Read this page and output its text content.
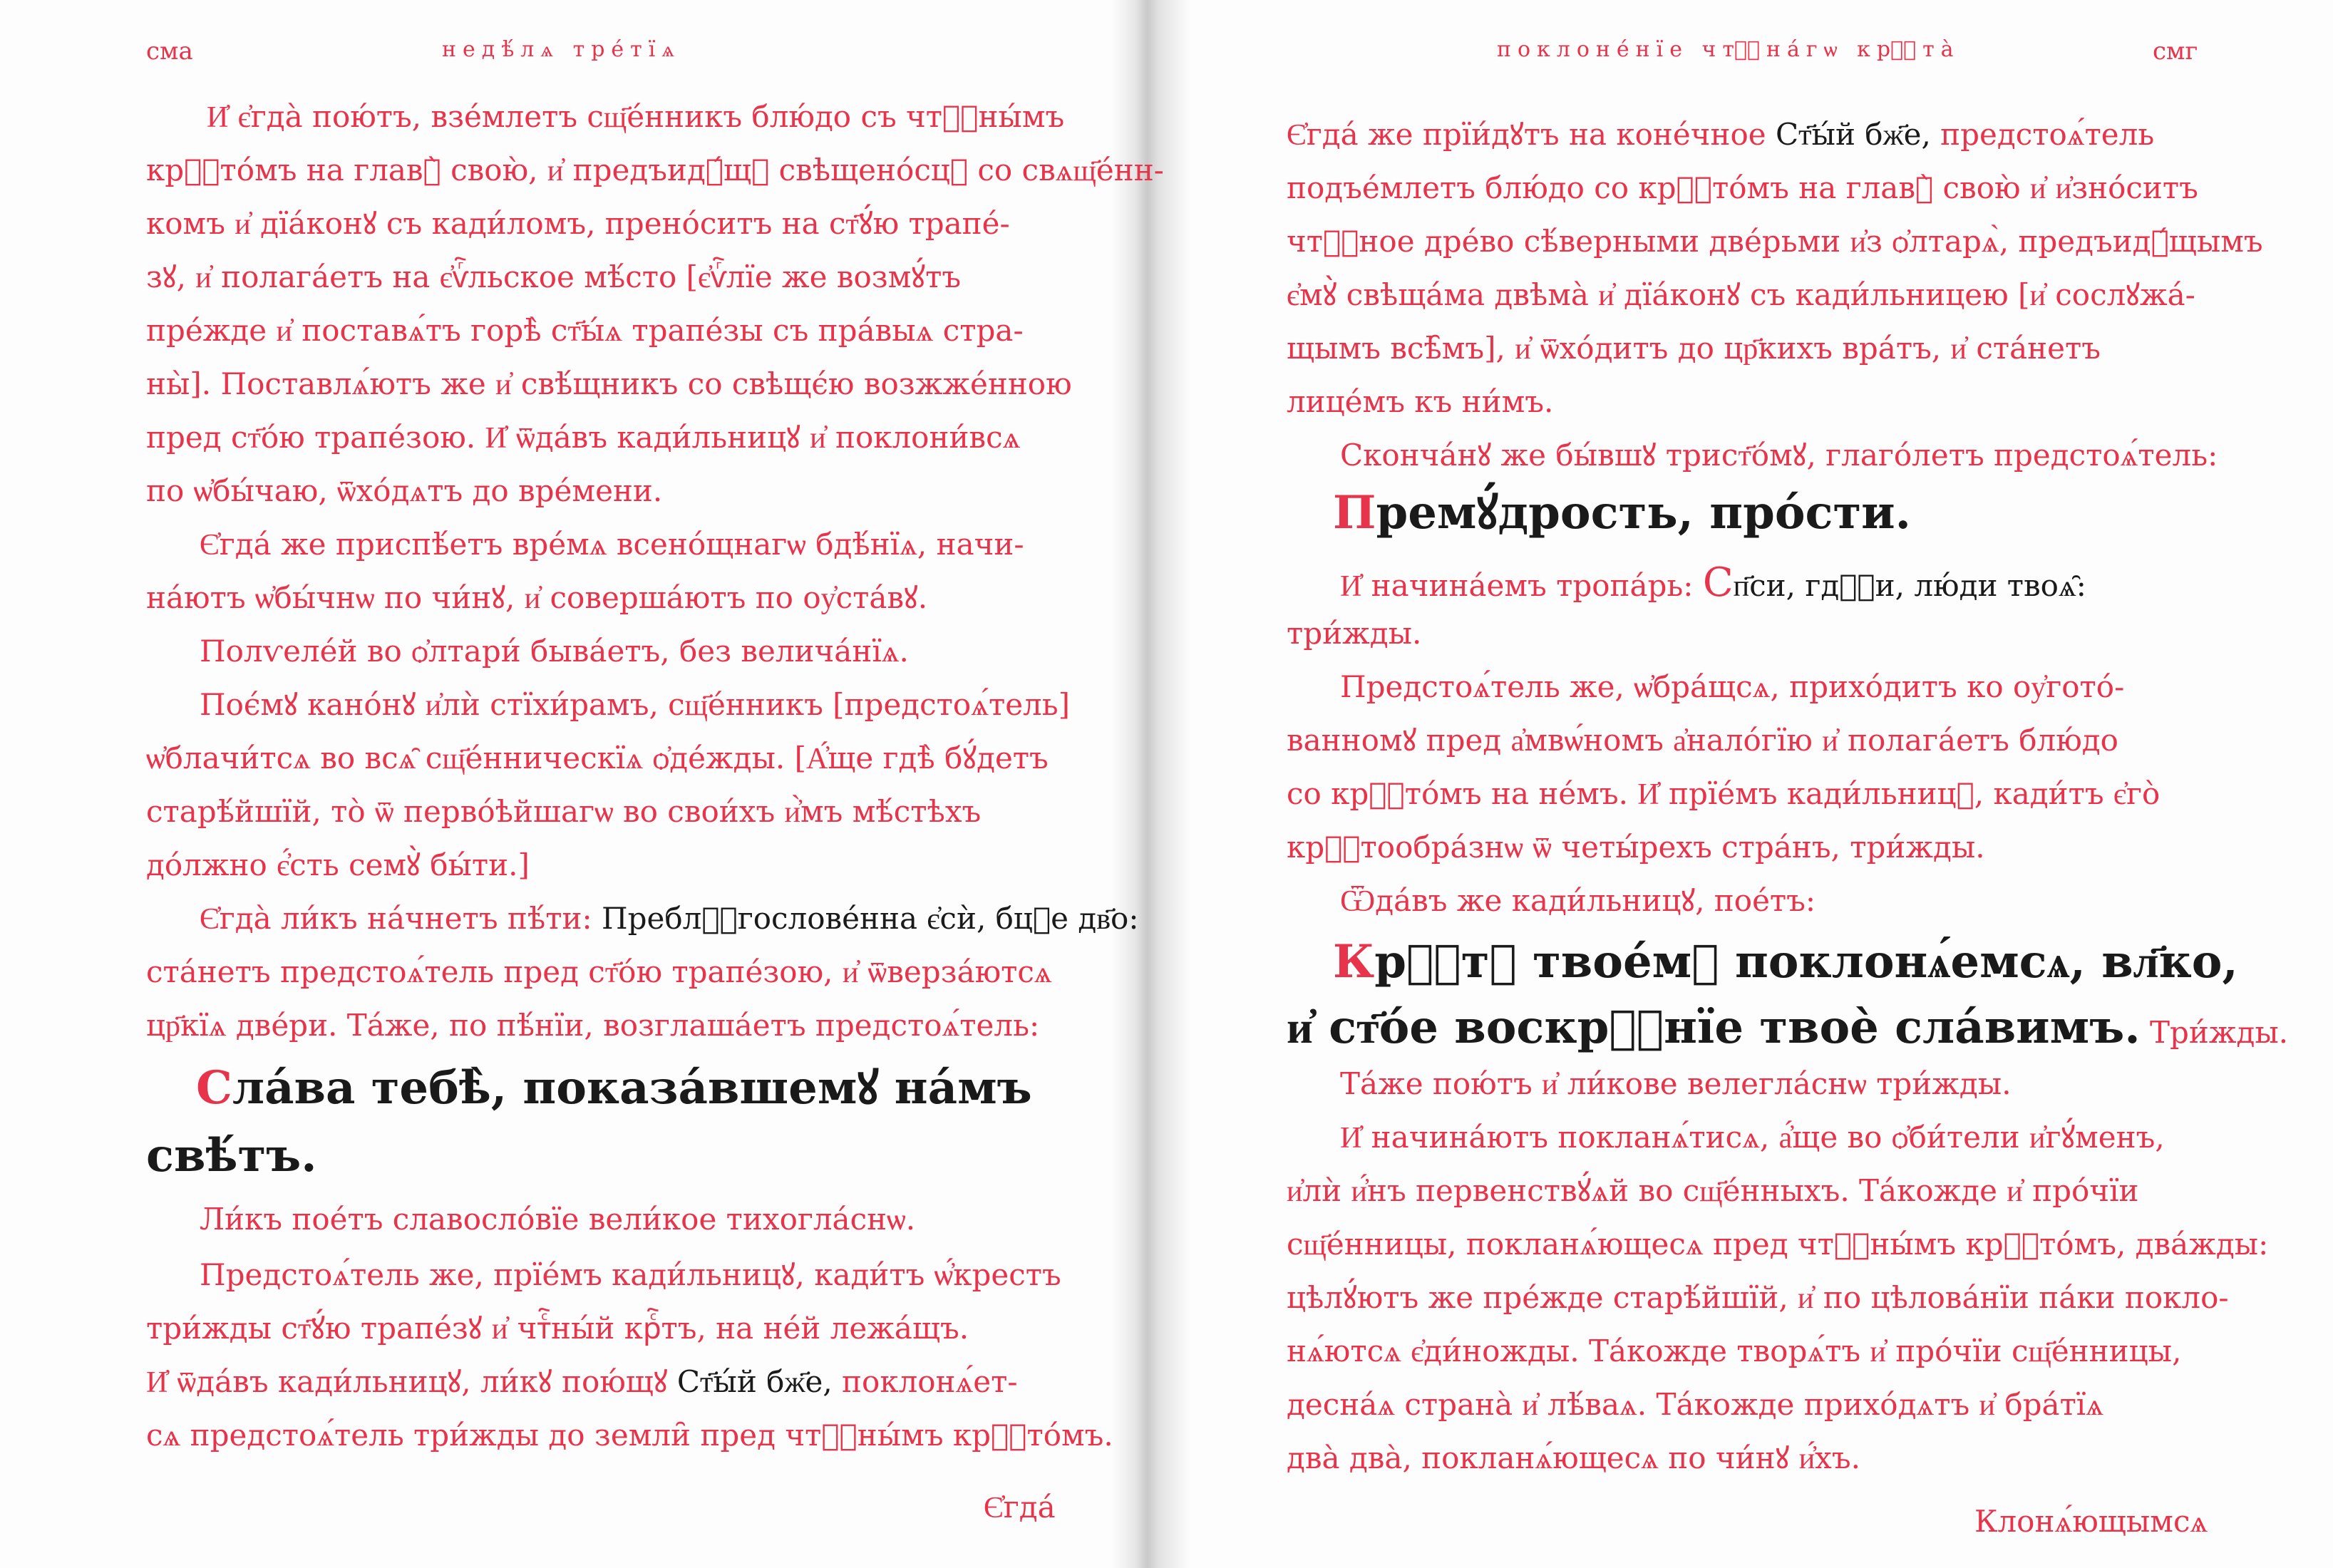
сма	недѣ́лѧ тре́тїѧ
И҆ є҆гда̀ пою́тъ, взе́млетъ сщ҃е́нникъ блю́до съ чтⷭ҇ны́мъ
крⷭ҇то́мъ на главꙋ̀ свою̀, и҆ предъидꙋ́щꙋ свѣщено́сцꙋ со свѧщ҃е́нн-
комъ и҆ дїа́конꙋ съ кади́ломъ, прено́ситъ на ст҃ꙋ́ю трапе́-
зꙋ, и҆ полага́етъ на є҆ѵⷢ҇льское мѣ́сто [є҆ѵⷢ҇лїе же возмꙋ́тъ
пре́жде и҆ поставѧ́тъ горѣ̀ ст҃ы́ѧ трапе́зы съ пра́выѧ стра-
ны̀]. Поставлѧ́ютъ же и҆ свѣ́щникъ со свѣщє́ю возжже́нною
пред ст҃о́ю трапе́зою. И҆ ѿда́въ кади́льницꙋ и҆ поклони́всѧ
по ѡ҆бы́чаю, ѿхо́дѧтъ до вре́мени.
Є҆гда́ же приспѣ́етъ вре́мѧ всено́щнагѡ бдѣ́нїѧ, начи-
на́ютъ ѡ҆бы́чнѡ по чи́нꙋ, и҆ соверша́ютъ по оу҆ста́вꙋ.
Полѵеле́й во ѻ҆лтари́ быва́етъ, без велича́нїѧ.
Поє́мꙋ кано́нꙋ и҆лѝ стїхи́рамъ, сщ҃е́нникъ [предстоѧ́тель]
ѡ҆блачи́тсѧ во всѧ̑ сщ҃е́нническїѧ ѻ҆де́жды. [А҆́ще гдѣ̀ бꙋ́детъ
старѣ́йшїй, то̀ ѿ перво́ѣйшагѡ во свои́хъ и҆̀мъ мѣ́стѣхъ
до́лжно є҆́сть семꙋ̀ бы́ти.]
Є҆гда̀ ли́къ на́чнетъ пѣ́ти: Преблⷭ҇гослове́нна є҆сѝ, бцⷣе дв҃о:
ста́нетъ предстоѧ́тель пред ст҃о́ю трапе́зою, и҆ ѿверза́ютсѧ
цр҃кїѧ две́ри. Та́же, по пѣ́нїи, возглаша́етъ предстоѧ́тель:
Сла́ва тебѣ̀, показа́вшемꙋ на́мъ
свѣ́тъ.
Ли́къ пое́тъ славосло́вїе вели́кое тихогла́снѡ.
Предстоѧ́тель же, прїе́мъ кади́льницꙋ, кади́тъ ѡ҆́крестъ
три́жды ст҃ꙋ́ю трапе́зꙋ и҆ чтⷭ҇ны́й крⷭ҇тъ, на не́й лежа́щъ.
И҆ ѿда́въ кади́льницꙋ, ли́кꙋ пою́щꙋ Ст҃ы́й бж҃е, поклонѧ́ет-
сѧ предстоѧ́тель три́жды до земли̑ пред чтⷭ҇ны́мъ крⷭ҇то́мъ.
Є҆гда́
поклоне́нїе чтⷭ҇на́гѡ крⷭ҇та̀	смг
Є҆гда́ же прїи́дꙋтъ на коне́чное Ст҃ы́й бж҃е, предстоѧ́тель
подъе́млетъ блю́до со крⷭ҇то́мъ на главꙋ̀ свою̀ и҆ и҆зно́ситъ
чтⷭ҇ное дре́во сѣ́верными две́рьми и҆з ѻ҆лтарѧ̀, предъидꙋ́щымъ
є҆мꙋ̀ свѣща́ма двѣма̀ и҆ дїа́конꙋ съ кади́льницею [и҆ сослꙋжа́-
щымъ всѣ̑мъ], и҆ ѿхо́дитъ до цр҃кихъ вра́тъ, и҆ ста́нетъ
лице́мъ къ ни́мъ.
Сконча́нꙋ же бы́вшꙋ трист҃о́мꙋ, глаго́летъ предстоѧ́тель:
Премꙋ́дрость, про́сти.
И҆ начина́емъ тропа́рь: Сп҃си, гдⷭ҇и, лю́ди твоѧ̑:
три́жды.
Предстоѧ́тель же, ѡ҆бра́щсѧ, прихо́дитъ ко оу҆гото́-
ванномꙋ пред а҆мвѡ́номъ а҆нало́гїю и҆ полага́етъ блю́до
со крⷭ҇то́мъ на не́мъ. И҆ прїе́мъ кади́льницꙋ, кади́тъ є҆го̀
крⷭ҇тообра́знѡ ѿ четы́рехъ стра́нъ, три́жды.
Ѿда́въ же кади́льницꙋ, пое́тъ:
Крⷭ҇тꙋ твое́мꙋ поклонѧ́емсѧ, вл҃ко,
и҆ ст҃о́е воскрⷭ҇нїе твоѐ сла́вимъ. Три́жды.
Та́же пою́тъ и҆ ли́кове велегла́снѡ три́жды.
И҆ начина́ютъ покланѧ́тисѧ, а҆́ще во ѻ҆би́тели и҆гꙋ́менъ,
и҆лѝ и҆́нъ первенствꙋ́ѧй во сщ҃е́нныхъ. Та́кожде и҆ про́чїи
сщ҃е́нницы, покланѧ́ющесѧ пред чтⷭ҇ны́мъ крⷭ҇то́мъ, два́жды:
цѣлꙋ́ютъ же пре́жде старѣ́йшїй, и҆ по цѣлова́нїи па́ки покло-
нѧ́ютсѧ є҆ди́ножды. Та́кожде творѧ́тъ и҆ про́чїи сщ҃е́нницы,
десна́ѧ страна̀ и҆ лѣ́ваѧ. Та́кожде прихо́дѧтъ и҆ бра́тїѧ
два̀ два̀, покланѧ́ющесѧ по чи́нꙋ и҆́хъ.
Клонѧ́ющымсѧ
